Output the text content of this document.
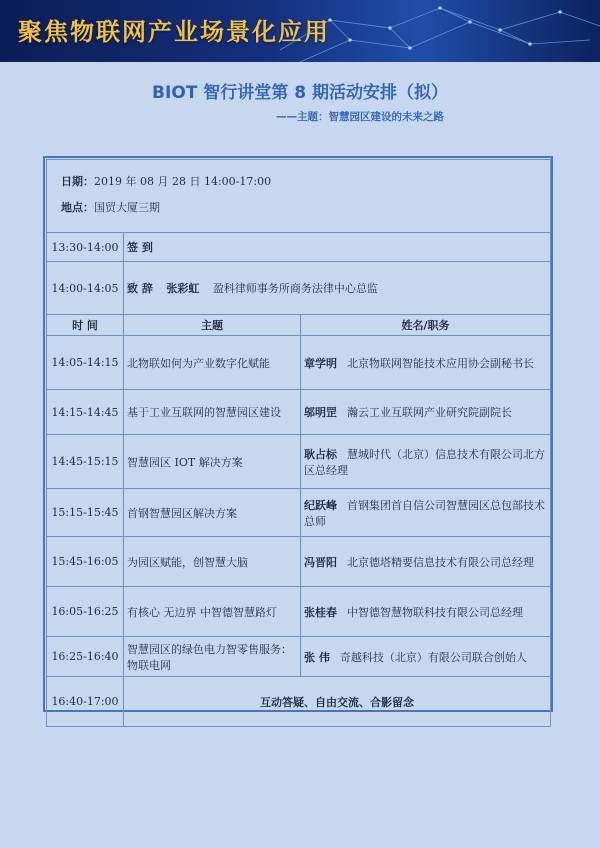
聚焦物联网产业场景化应用
BIOT 智行讲堂第 8 期活动安排（拟）
——主题：智慧园区建设的未来之路
日期：2019 年 08 月 28 日 14:00-17:00
地点：国贸大厦三期		

13:30-14:00	签 到	
14:00-14:05	致 辞 张彩虹 盈科律师事务所商务法律中心总监	
时 间	主题	姓名/职务
14:05-14:15	北物联如何为产业数字化赋能	章学明 北京物联网智能技术应用协会副秘书长
14:15-14:45	基于工业互联网的智慧园区建设	邬明罡 瀚云工业互联网产业研究院副院长
14:45-15:15	智慧园区 IOT 解决方案	耿占标 慧城时代（北京）信息技术有限公司北方区总经理
15:15-15:45	首钢智慧园区解决方案	纪跃峰 首钢集团首自信公司智慧园区总包部技术总师
15:45-16:05	为园区赋能，创智慧大脑	冯晋阳 北京德塔精要信息技术有限公司总经理
16:05-16:25	有核心 无边界 中智德智慧路灯	张桂春 中智德智慧物联科技有限公司总经理
16:25-16:40	智慧园区的绿色电力智零售服务：物联电网	张 伟 奇越科技（北京）有限公司联合创始人
16:40-17:00	互动答疑、自由交流、合影留念	
